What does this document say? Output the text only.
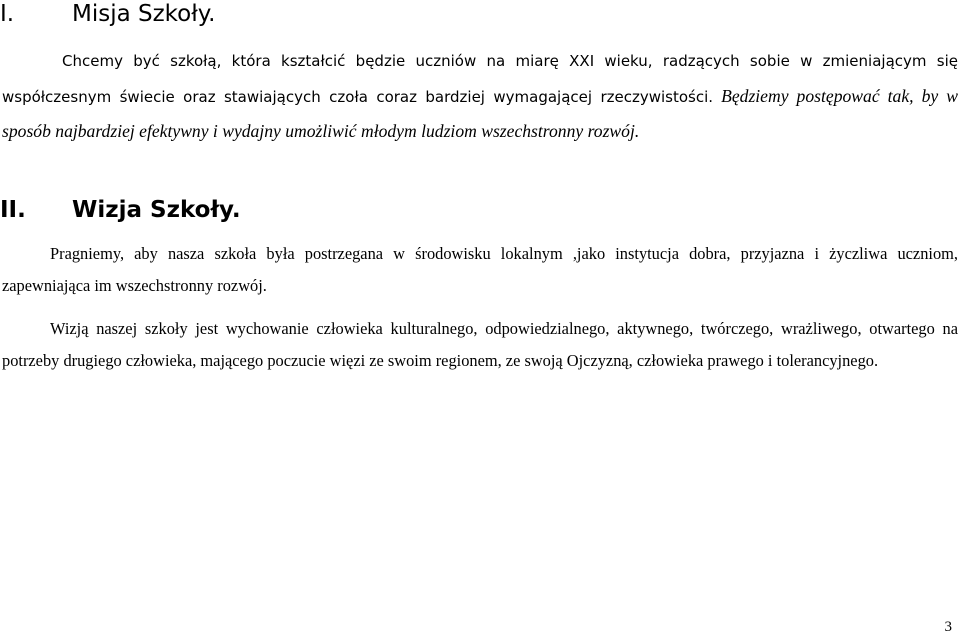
I.	Misja Szkoły.

Chcemy być szkołą, która kształcić będzie uczniów na miarę XXI wieku, radzących sobie w zmieniającym się współczesnym świecie oraz stawiających czoła coraz bardziej wymagającej rzeczywistości. Będziemy postępować tak, by w sposób najbardziej efektywny i wydajny umożliwić młodym ludziom wszechstronny rozwój.

II. Wizja Szkoły.

Pragniemy, aby nasza szkoła była postrzegana w środowisku lokalnym ,jako instytucja dobra, przyjazna i życzliwa uczniom, zapewniająca im wszechstronny rozwój.

Wizją naszej szkoły jest wychowanie człowieka kulturalnego, odpowiedzialnego, aktywnego, twórczego, wrażliwego, otwartego na potrzeby drugiego człowieka, mającego poczucie więzi ze swoim regionem, ze swoją Ojczyzną, człowieka prawego i tolerancyjnego.

3
